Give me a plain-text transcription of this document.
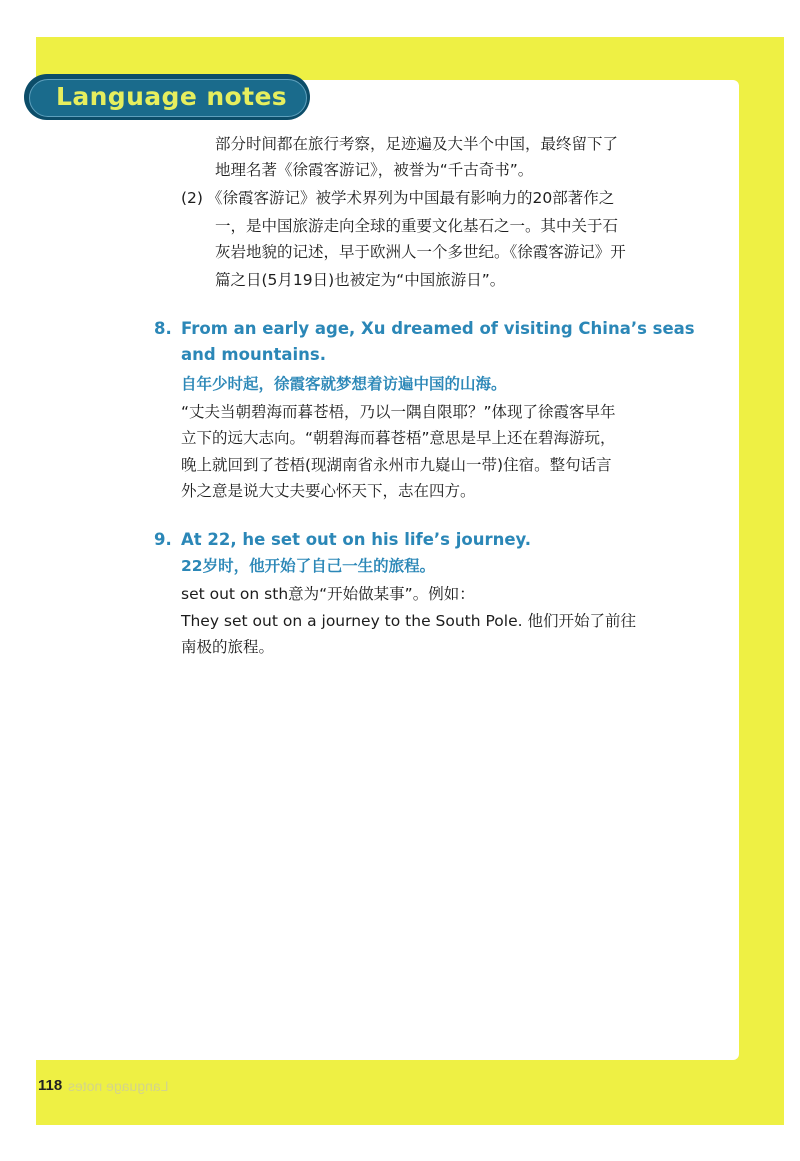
Language notes

部分时间都在旅行考察，足迹遍及大半个中国，最终留下了

地理名著《徐霞客游记》，被誉为“千古奇书”。

(2) 《徐霞客游记》被学术界列为中国最有影响力的20部著作之

一，是中国旅游走向全球的重要文化基石之一。其中关于石

灰岩地貌的记述，早于欧洲人一个多世纪。《徐霞客游记》开

篇之日(5月19日)也被定为“中国旅游日”。

8. From an early age, Xu dreamed of visiting China’s seas

and mountains.

自年少时起，徐霞客就梦想着访遍中国的山海。

“丈夫当朝碧海而暮苍梧，乃以一隅自限耶？”体现了徐霞客早年

立下的远大志向。“朝碧海而暮苍梧”意思是早上还在碧海游玩，

晚上就回到了苍梧(现湖南省永州市九嶷山一带)住宿。整句话言

外之意是说大丈夫要心怀天下，志在四方。

9. At 22, he set out on his life’s journey.

22岁时，他开始了自己一生的旅程。

set out on sth意为“开始做某事”。例如：

They set out on a journey to the South Pole. 他们开始了前往

南极的旅程。

118 Language notes
